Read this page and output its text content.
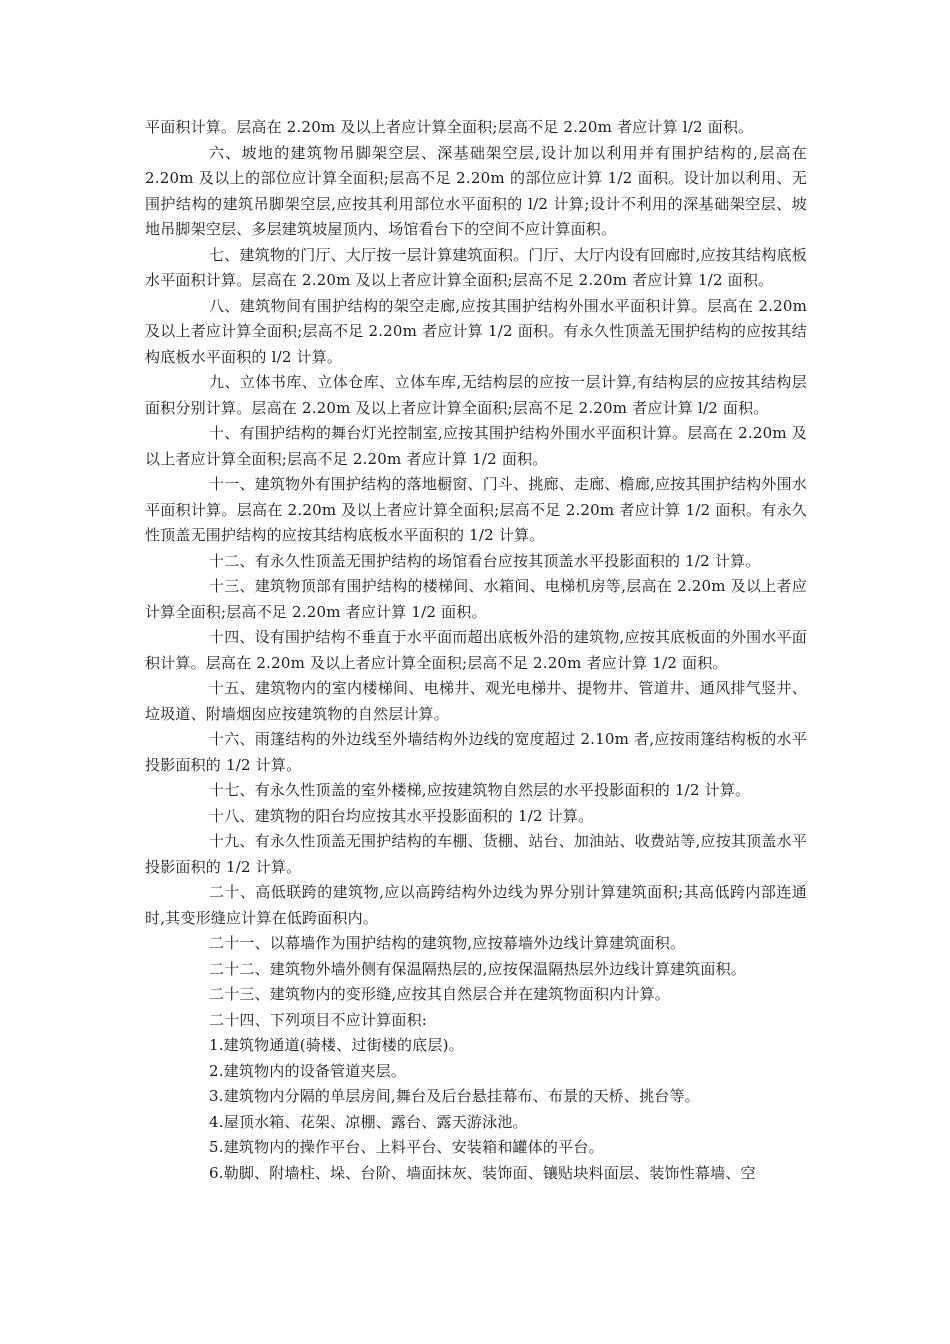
平面积计算。层高在 2.20m 及以上者应计算全面积;层高不足 2.20m 者应计算 l/2 面积。

六、坡地的建筑物吊脚架空层、深基础架空层,设计加以利用并有围护结构的,层高在 2.20m 及以上的部位应计算全面积;层高不足 2.20m 的部位应计算 1/2 面积。设计加以利用、无围护结构的建筑吊脚架空层,应按其利用部位水平面积的 l/2 计算;设计不利用的深基础架空层、坡地吊脚架空层、多层建筑坡屋顶内、场馆看台下的空间不应计算面积。

七、建筑物的门厅、大厅按一层计算建筑面积。门厅、大厅内设有回廊时,应按其结构底板水平面积计算。层高在 2.20m 及以上者应计算全面积;层高不足 2.20m 者应计算 1/2 面积。

八、建筑物间有围护结构的架空走廊,应按其围护结构外围水平面积计算。层高在 2.20m 及以上者应计算全面积;层高不足 2.20m 者应计算 1/2 面积。有永久性顶盖无围护结构的应按其结构底板水平面积的 l/2 计算。

九、立体书库、立体仓库、立体车库,无结构层的应按一层计算,有结构层的应按其结构层面积分别计算。层高在 2.20m 及以上者应计算全面积;层高不足 2.20m 者应计算 l/2 面积。

十、有围护结构的舞台灯光控制室,应按其围护结构外围水平面积计算。层高在 2.20m 及以上者应计算全面积;层高不足 2.20m 者应计算 1/2 面积。

十一、建筑物外有围护结构的落地橱窗、门斗、挑廊、走廊、檐廊,应按其围护结构外围水平面积计算。层高在 2.20m 及以上者应计算全面积;层高不足 2.20m 者应计算 1/2 面积。有永久性顶盖无围护结构的应按其结构底板水平面积的 1/2 计算。

十二、有永久性顶盖无围护结构的场馆看台应按其顶盖水平投影面积的 1/2 计算。

十三、建筑物顶部有围护结构的楼梯间、水箱间、电梯机房等,层高在 2.20m 及以上者应计算全面积;层高不足 2.20m 者应计算 1/2 面积。

十四、设有围护结构不垂直于水平面而超出底板外沿的建筑物,应按其底板面的外围水平面积计算。层高在 2.20m 及以上者应计算全面积;层高不足 2.20m 者应计算 1/2 面积。

十五、建筑物内的室内楼梯间、电梯井、观光电梯井、提物井、管道井、通风排气竖井、垃圾道、附墙烟囱应按建筑物的自然层计算。

十六、雨篷结构的外边线至外墙结构外边线的宽度超过 2.10m 者,应按雨篷结构板的水平投影面积的 1/2 计算。

十七、有永久性顶盖的室外楼梯,应按建筑物自然层的水平投影面积的 1/2 计算。

十八、建筑物的阳台均应按其水平投影面积的 1/2 计算。

十九、有永久性顶盖无围护结构的车棚、货棚、站台、加油站、收费站等,应按其顶盖水平投影面积的 1/2 计算。

二十、高低联跨的建筑物,应以高跨结构外边线为界分别计算建筑面积;其高低跨内部连通时,其变形缝应计算在低跨面积内。

二十一、以幕墙作为围护结构的建筑物,应按幕墙外边线计算建筑面积。

二十二、建筑物外墙外侧有保温隔热层的,应按保温隔热层外边线计算建筑面积。

二十三、建筑物内的变形缝,应按其自然层合并在建筑物面积内计算。

二十四、下列项目不应计算面积:

1.建筑物通道(骑楼、过街楼的底层)。

2.建筑物内的设备管道夹层。

3.建筑物内分隔的单层房间,舞台及后台悬挂幕布、布景的天桥、挑台等。

4.屋顶水箱、花架、凉棚、露台、露天游泳池。

5.建筑物内的操作平台、上料平台、安装箱和罐体的平台。

6.勒脚、附墙柱、垛、台阶、墙面抹灰、装饰面、镶贴块料面层、装饰性幕墙、空
